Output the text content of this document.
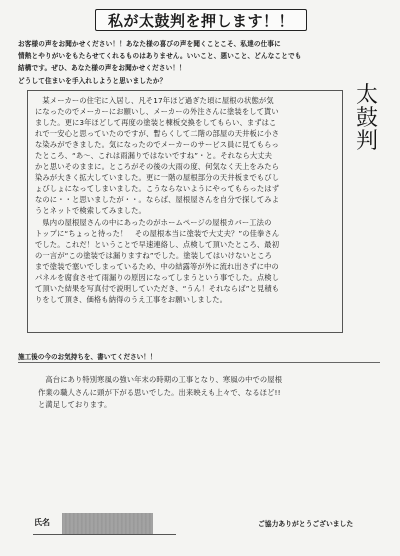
私が太鼓判を押します！！
お客様の声をお聞かせください！！あなた様の喜びの声を聞くことこそ、私達の仕事に
情熱とやりがいをもたらせてくれるものはありません。いいこと、悪いこと、どんなことでも
結構です。ぜひ、あなた様の声をお聞かせください！！
どうして住まいを手入れしようと思いましたか？
太
鼓
判
　某メーカーの住宅に入居し、凡そ17年ほど過ぎた頃に屋根の状態が気
になったのでメーカーにお願いし、メーカーの外注さんに塗装をして貰い
ました。更に3年ほどして再度の塗装と棟板交換をしてもらい、まずはこ
れで一安心と思っていたのですが、暫らくして二階の部屋の天井板に小さ
な染みができました。気になったのでメーカーのサービス員に見てもらっ
たところ、“あ〜、これは雨漏りではないですね”・と。それなら大丈夫
かと思いそのままに。ところがその後の大雨の度、何気なく天上をみたら
染みが大きく拡大していました。更に一階の屋根部分の天井板までもびし
ょびしょになってしまいました。こうならないようにやってもらったはず
なのに・・と思いましたが・・。ならば、屋根屋さんを自分で探してみよ
うとネットで検索してみました。
　県内の屋根屋さんの中にあったのがホームページの屋根カバー工法の
トップに“ちょっと待った！　その屋根本当に塗装で大丈夫？”の佳拳さん
でした。これだ！ということで早速連絡し、点検して頂いたところ、最初
の一言が“この塗装では漏りますね”でした。塗装してはいけないところ
まで塗装で塞いでしまっているため、中の結露等が外に流れ出さずに中の
パネルを腐食させて雨漏りの原因になってしまうという事でした。点検し
て頂いた結果を写真付で説明していただき、“うん！それならば”と見積も
りをして頂き、価格も納得のうえ工事をお願いしました。
施工後の今のお気持ちを、書いてください！！
　高台にあり特別寒風の強い年末の時期の工事となり、寒風の中での屋根
作業の職人さんに頭が下がる思いでした。出来映えも上々で、なるほど!!
と満足しております。
氏名	ご協力ありがとうございました
